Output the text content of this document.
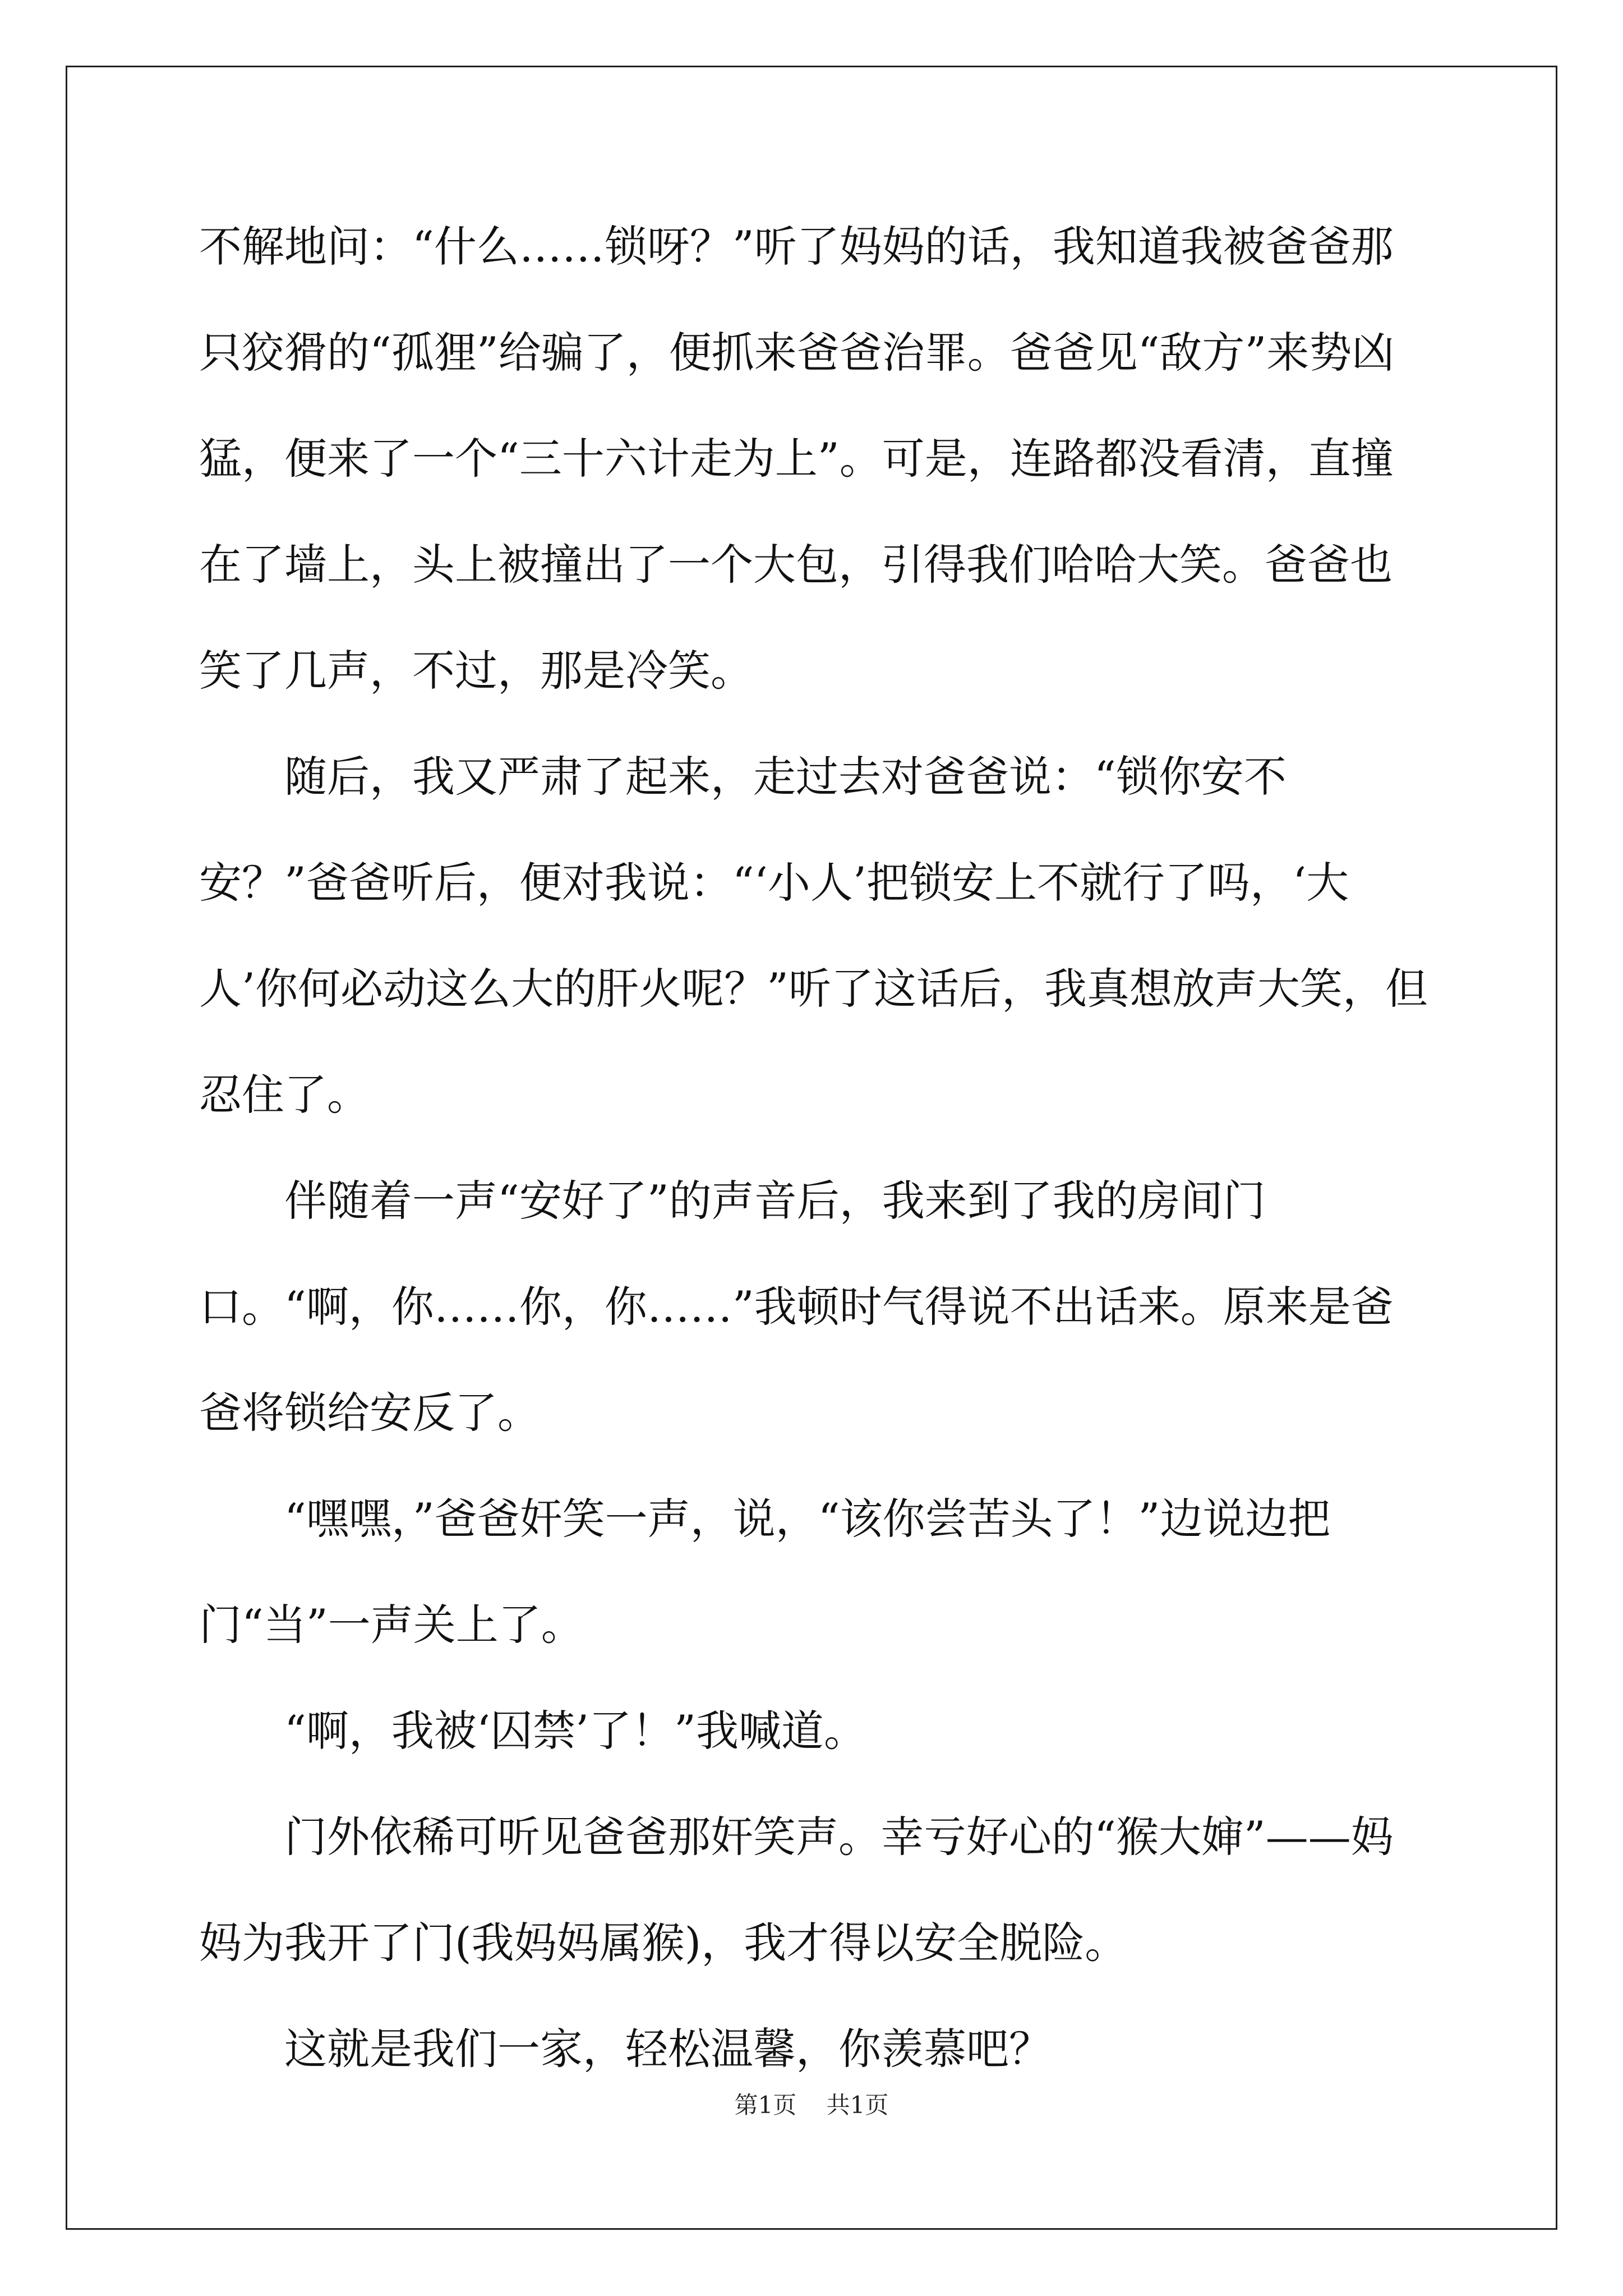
不解地问：“什么……锁呀？”听了妈妈的话，我知道我被爸爸那只狡猾的“孤狸”给骗了，便抓来爸爸治罪。爸爸见“敌方”来势凶猛，便来了一个“三十六计走为上”。可是，连路都没看清，直撞在了墙上，头上被撞出了一个大包，引得我们哈哈大笑。爸爸也笑了几声，不过，那是冷笑。

随后，我又严肃了起来，走过去对爸爸说：“锁你安不安？”爸爸听后，便对我说：“‘小人’把锁安上不就行了吗，‘大人’你何必动这么大的肝火呢？”听了这话后，我真想放声大笑，但忍住了。

伴随着一声“安好了”的声音后，我来到了我的房间门口。“啊，你……你，你……”我顿时气得说不出话来。原来是爸爸将锁给安反了。

“嘿嘿，”爸爸奸笑一声，说，“该你尝苦头了！”边说边把门“当”一声关上了。

“啊，我被‘囚禁’了！”我喊道。

门外依稀可听见爸爸那奸笑声。幸亏好心的“猴大婶”——妈妈为我开了门(我妈妈属猴)，我才得以安全脱险。

这就是我们一家，轻松温馨，你羡慕吧？

第1页 共1页
